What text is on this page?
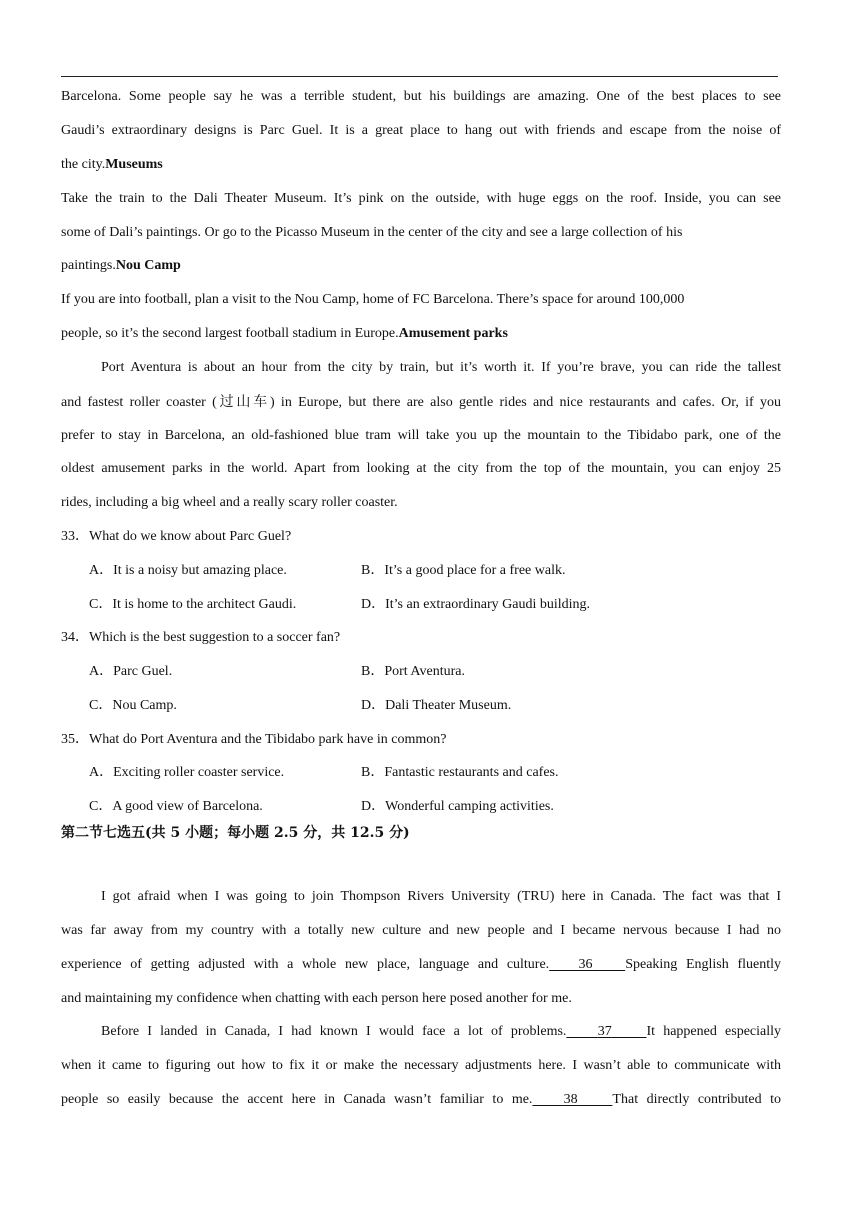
Barcelona. Some people say he was a terrible student, but his buildings are amazing. One of the best places to see
Gaudi’s extraordinary designs is Parc Guel. It is a great place to hang out with friends and escape from the noise of
the city.Museums
Take the train to the Dali Theater Museum. It’s pink on the outside, with huge eggs on the roof. Inside, you can see
some of Dali’s paintings. Or go to the Picasso Museum in the center of the city and see a large collection of his
paintings.Nou Camp
If you are into football, plan a visit to the Nou Camp, home of FC Barcelona. There’s space for around 100,000
people, so it’s the second largest football stadium in Europe.Amusement parks
Port Aventura is about an hour from the city by train, but it’s worth it. If you’re brave, you can ride the tallest
and fastest roller coaster (过山车) in Europe, but there are also gentle rides and nice restaurants and cafes. Or, if you
prefer to stay in Barcelona, an old-fashioned blue tram will take you up the mountain to the Tibidabo park, one of the
oldest amusement parks in the world. Apart from looking at the city from the top of the mountain, you can enjoy 25
rides, including a big wheel and a really scary roller coaster.
33．What do we know about Parc Guel?
A．It is a noisy but amazing place.	B．It’s a good place for a free walk.
C．It is home to the architect Gaudi.	D．It’s an extraordinary Gaudi building.
34．Which is the best suggestion to a soccer fan?
A．Parc Guel.	B．Port Aventura.
C．Nou Camp.	D．Dali Theater Museum.
35．What do Port Aventura and the Tibidabo park have in common?
A．Exciting roller coaster service.	B．Fantastic restaurants and cafes.
C．A good view of Barcelona.	D．Wonderful camping activities.
第二节七选五(共 5 小题；每小题 2.5 分，共 12.5 分)
I got afraid when I was going to join Thompson Rivers University (TRU) here in Canada. The fact was that I
was far away from my country with a totally new culture and new people and I became nervous because I had no
experience of getting adjusted with a whole new place, language and culture. 36 Speaking English fluently
and maintaining my confidence when chatting with each person here posed another for me.
Before I landed in Canada, I had known I would face a lot of problems. 37 It happened especially
when it came to figuring out how to fix it or make the necessary adjustments here. I wasn’t able to communicate with
people so easily because the accent here in Canada wasn’t familiar to me. 38 That directly contributed to
